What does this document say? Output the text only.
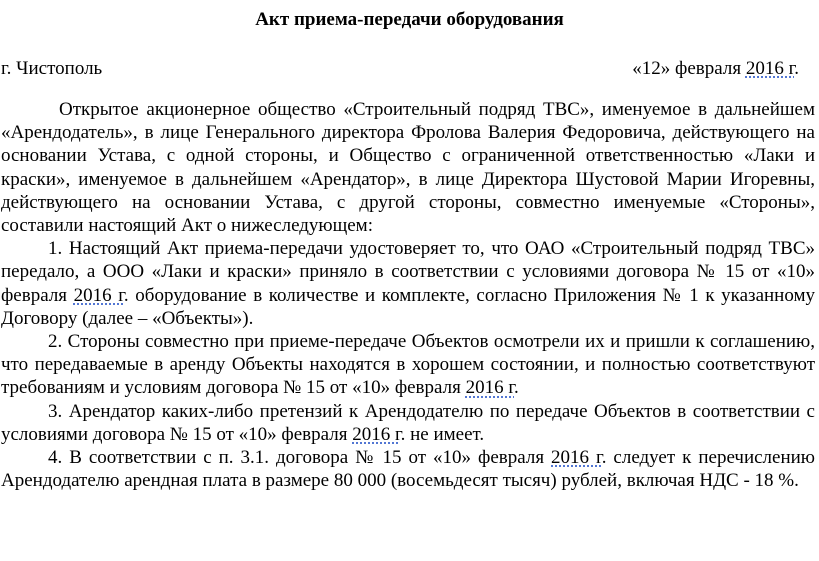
Акт приема-передачи оборудования
г. Чистополь	«12» февраля 2016 г.

Открытое акционерное общество «Строительный подряд ТВС», именуемое в дальнейшем «Арендодатель», в лице Генерального директора Фролова Валерия Федоровича, действующего на основании Устава, с одной стороны, и Общество с ограниченной ответственностью «Лаки и краски», именуемое в дальнейшем «Арендатор», в лице Директора Шустовой Марии Игоревны, действующего на основании Устава, с другой стороны, совместно именуемые «Стороны», составили настоящий Акт о нижеследующем:

1. Настоящий Акт приема-передачи удостоверяет то, что ОАО «Строительный подряд ТВС» передало, а ООО «Лаки и краски» приняло в соответствии с условиями договора № 15 от «10» февраля 2016 г. оборудование в количестве и комплекте, согласно Приложения № 1 к указанному Договору (далее – «Объекты»).

2. Стороны совместно при приеме-передаче Объектов осмотрели их и пришли к соглашению, что передаваемые в аренду Объекты находятся в хорошем состоянии, и полностью соответствуют требованиям и условиям договора № 15 от «10» февраля 2016 г.

3. Арендатор каких-либо претензий к Арендодателю по передаче Объектов в соответствии с условиями договора № 15 от «10» февраля 2016 г. не имеет.

4. В соответствии с п. 3.1. договора № 15 от «10» февраля 2016 г. следует к перечислению Арендодателю арендная плата в размере 80 000 (восемьдесят тысяч) рублей, включая НДС - 18 %.
